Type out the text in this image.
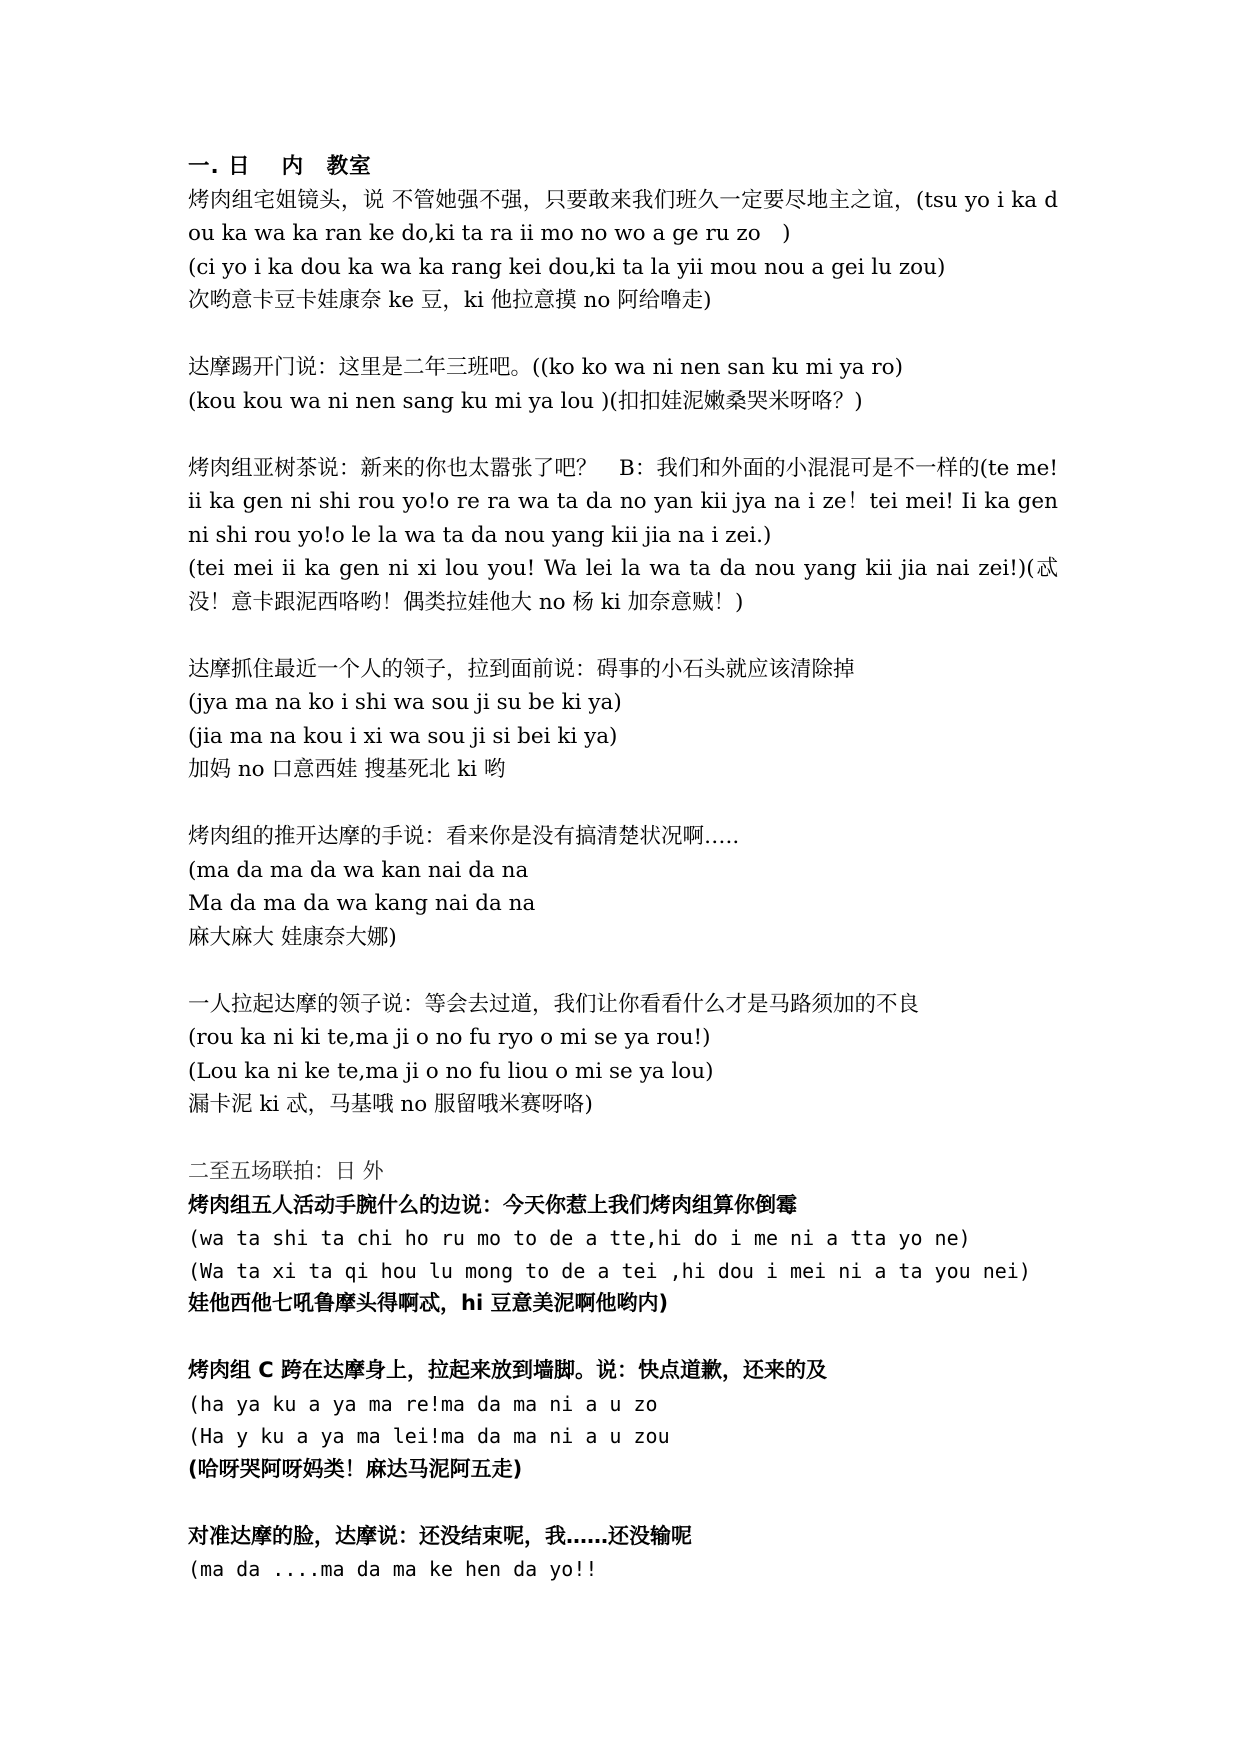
一. 日　 内　教室
烤肉组宅姐镜头，说 不管她强不强，只要敢来我们班久一定要尽地主之谊，(tsu yo i ka dou ka wa ka ran ke do,ki ta ra ii mo no wo a ge ru zo　)
(ci yo i ka dou ka wa ka rang kei dou,ki ta la yii mou nou a gei lu zou)
次哟意卡豆卡娃康奈 ke 豆，ki 他拉意摸 no 阿给噜走)
达摩踢开门说：这里是二年三班吧。((ko ko wa ni nen san ku mi ya ro)
(kou kou wa ni nen sang ku mi ya lou )(扣扣娃泥嫩桑哭米呀咯？)
烤肉组亚树茶说：新来的你也太嚣张了吧？　B：我们和外面的小混混可是不一样的(te me!ii ka gen ni shi rou yo!o re ra wa ta da no yan kii jya na i ze！tei mei! Ii ka gen ni shi rou yo!o le la wa ta da nou yang kii jia na i zei.)
(tei mei ii ka gen ni xi lou you! Wa lei la wa ta da nou yang kii jia nai zei!)(忒没！意卡跟泥西咯哟！偶类拉娃他大 no 杨 ki 加奈意贼！)
达摩抓住最近一个人的领子，拉到面前说：碍事的小石头就应该清除掉
(jya ma na ko i shi wa sou ji su be ki ya)
(jia ma na kou i xi wa sou ji si bei ki ya)
加妈 no 口意西娃 搜基死北 ki 哟
烤肉组的推开达摩的手说：看来你是没有搞清楚状况啊…..
(ma da ma da wa kan nai da na
Ma da ma da wa kang nai da na
麻大麻大 娃康奈大娜)
一人拉起达摩的领子说：等会去过道，我们让你看看什么才是马路须加的不良
(rou ka ni ki te,ma ji o no fu ryo o mi se ya rou!)
(Lou ka ni ke te,ma ji o no fu liou o mi se ya lou)
漏卡泥 ki 忒，马基哦 no 服留哦米赛呀咯)
二至五场联拍：日 外
烤肉组五人活动手腕什么的边说：今天你惹上我们烤肉组算你倒霉
(wa ta shi ta chi ho ru mo to de a tte,hi do i me ni a tta yo ne)
(Wa ta xi ta qi hou lu mong to de a tei ,hi dou i mei ni a ta you nei)
娃他西他七吼鲁摩头得啊忒，hi 豆意美泥啊他哟内)
烤肉组 C 跨在达摩身上，拉起来放到墙脚。说：快点道歉，还来的及
(ha ya ku a ya ma re!ma da ma ni a u zo
(Ha y ku a ya ma lei!ma da ma ni a u zou
(哈呀哭阿呀妈类！麻达马泥阿五走)
对准达摩的脸，达摩说：还没结束呢，我……还没输呢
(ma da ....ma da ma ke hen da yo!!
